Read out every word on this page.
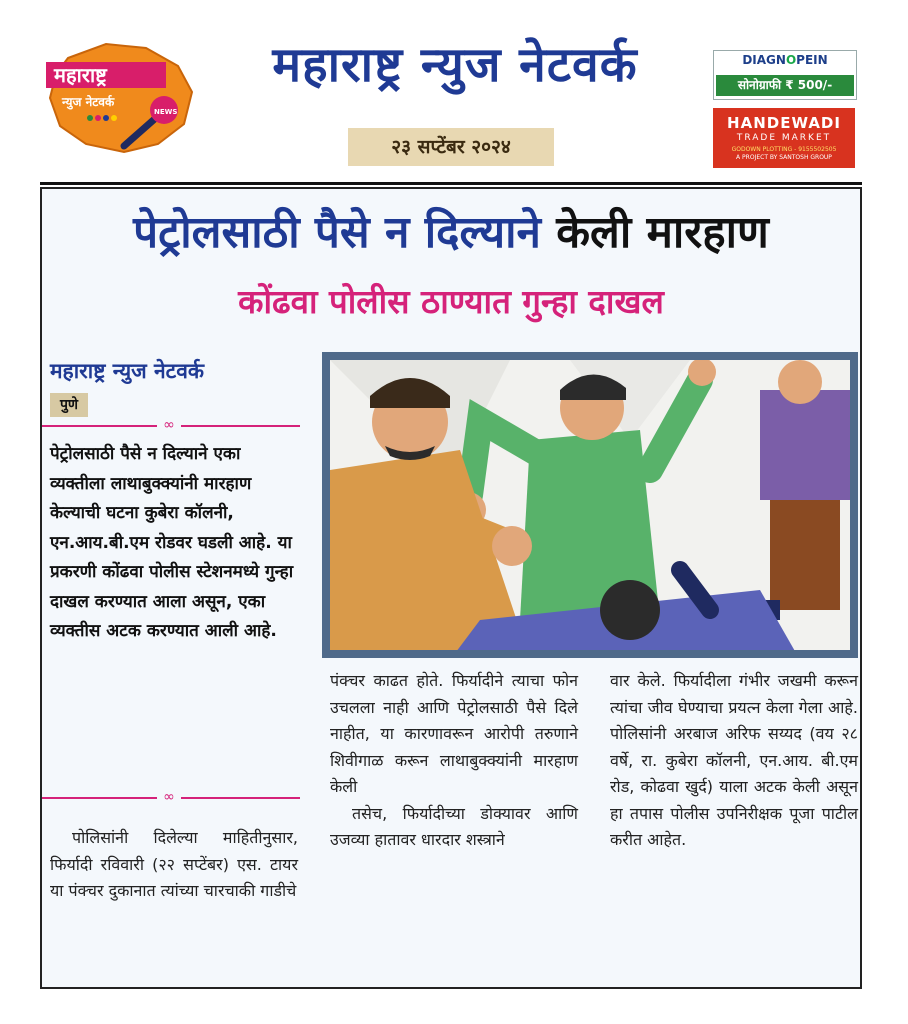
महाराष्ट्र
न्युज नेटवर्क
NEWS
महाराष्ट्र न्युज नेटवर्क
२३ सप्टेंबर २०२४
DIAGNOPEIN
सोनोग्राफी ₹ 500/-
HANDEWADI
TRADE MARKET
GODOWN PLOTTING - 9155502505
A PROJECT BY SANTOSH GROUP
पेट्रोलसाठी पैसे न दिल्याने केली मारहाण
कोंढवा पोलीस ठाण्यात गुन्हा दाखल
महाराष्ट्र न्युज नेटवर्क
पुणे
∞
पेट्रोलसाठी पैसे न दिल्याने एका व्यक्तीला लाथाबुक्क्यांनी मारहाण केल्याची घटना कुबेरा कॉलनी, एन.आय.बी.एम रोडवर घडली आहे. या प्रकरणी कोंढवा पोलीस स्टेशनमध्ये गुन्हा दाखल करण्यात आला असून, एका व्यक्तीस अटक करण्यात आली आहे.
∞
पोलिसांनी दिलेल्या माहितीनुसार, फिर्यादी रविवारी (२२ सप्टेंबर) एस. टायर या पंक्चर दुकानात त्यांच्या चारचाकी गाडीचे
पंक्चर काढत होते. फिर्यादीने त्याचा फोन उचलला नाही आणि पेट्रोलसाठी पैसे दिले नाहीत, या कारणावरून आरोपी तरुणाने शिवीगाळ करून लाथाबुक्क्यांनी मारहाण केली
तसेच, फिर्यादीच्या डोक्यावर आणि उजव्या हातावर धारदार शस्त्राने
वार केले. फिर्यादीला गंभीर जखमी करून त्यांचा जीव घेण्याचा प्रयत्न केला गेला आहे. पोलिसांनी अरबाज अरिफ सय्यद (वय २८ वर्षे, रा. कुबेरा कॉलनी, एन.आय. बी.एम रोड, कोढवा खुर्द) याला अटक केली असून हा तपास पोलीस उपनिरीक्षक पूजा पाटील करीत आहेत.
